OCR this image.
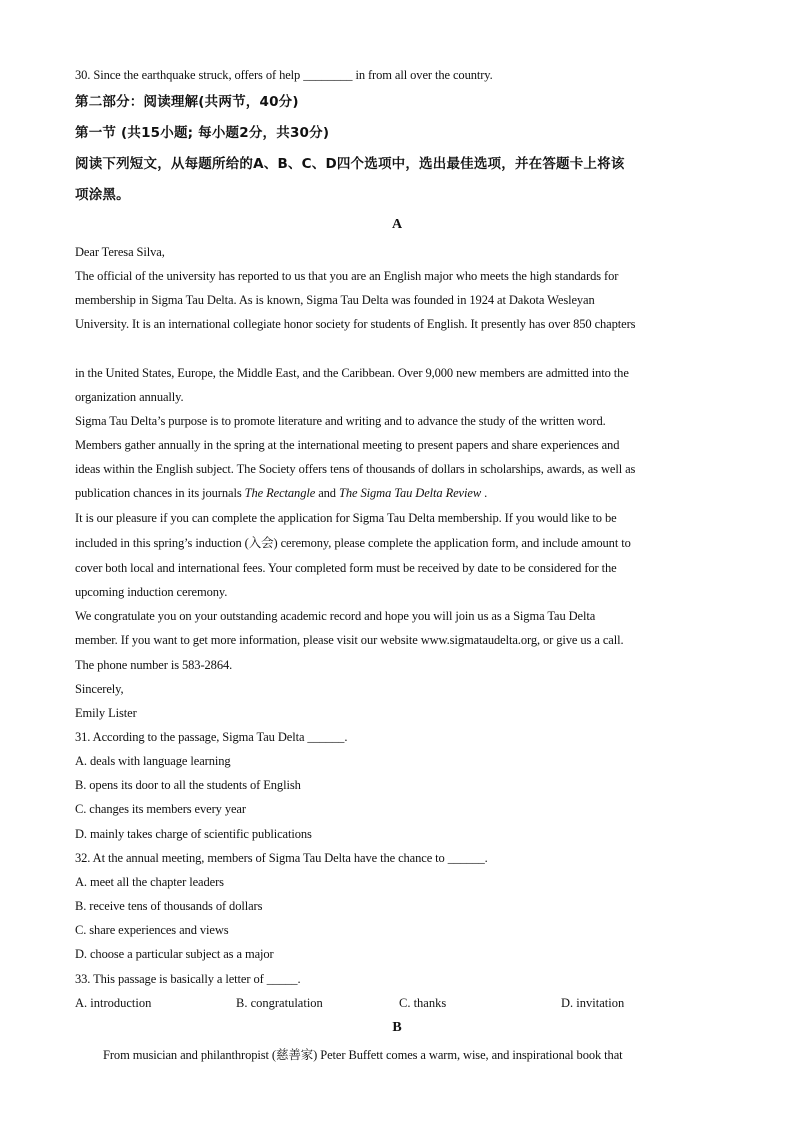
30. Since the earthquake struck, offers of help ________ in from all over the country.
第二部分：阅读理解(共两节，40分)
第一节 (共15小题; 每小题2分，共30分)
阅读下列短文，从每题所给的A、B、C、D四个选项中，选出最佳选项，并在答题卡上将该
项涂黑。
A
Dear Teresa Silva,
The official of the university has reported to us that you are an English major who meets the high standards for
membership in Sigma Tau Delta. As is known, Sigma Tau Delta was founded in 1924 at Dakota Wesleyan
University. It is an international collegiate honor society for students of English. It presently has over 850 chapters
in the United States, Europe, the Middle East, and the Caribbean. Over 9,000 new members are admitted into the
organization annually.
Sigma Tau Delta’s purpose is to promote literature and writing and to advance the study of the written word.
Members gather annually in the spring at the international meeting to present papers and share experiences and
ideas within the English subject. The Society offers tens of thousands of dollars in scholarships, awards, as well as
publication chances in its journals The Rectangle and The Sigma Tau Delta Review .
It is our pleasure if you can complete the application for Sigma Tau Delta membership. If you would like to be
included in this spring’s induction (入会) ceremony, please complete the application form, and include amount to
cover both local and international fees. Your completed form must be received by date to be considered for the
upcoming induction ceremony.
We congratulate you on your outstanding academic record and hope you will join us as a Sigma Tau Delta
member. If you want to get more information, please visit our website www.sigmataudelta.org, or give us a call.
The phone number is 583-2864.
Sincerely,
Emily Lister
31. According to the passage, Sigma Tau Delta ______.
A. deals with language learning
B. opens its door to all the students of English
C. changes its members every year
D. mainly takes charge of scientific publications
32. At the annual meeting, members of Sigma Tau Delta have the chance to ______.
A. meet all the chapter leaders
B. receive tens of thousands of dollars
C. share experiences and views
D. choose a particular subject as a major
33. This passage is basically a letter of _____.
A. introduction	B. congratulation	C. thanks	D. invitation
B
From musician and philanthropist (慈善家) Peter Buffett comes a warm, wise, and inspirational book that
